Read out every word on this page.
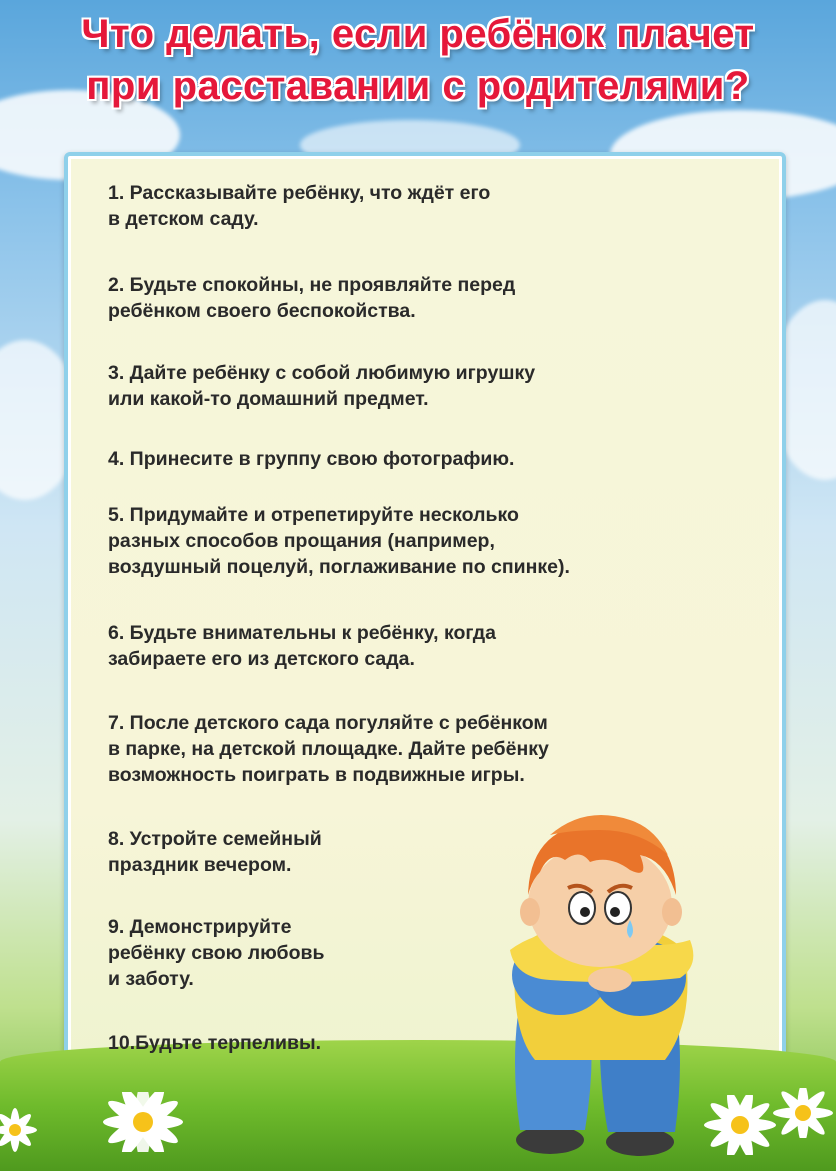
Что делать, если ребёнок плачет
при расставании с родителями?
1. Рассказывайте ребёнку, что ждёт его
в детском саду.
2. Будьте спокойны, не проявляйте перед
ребёнком своего беспокойства.
3. Дайте ребёнку с собой любимую игрушку
или какой-то домашний предмет.
4. Принесите в группу свою фотографию.
5. Придумайте и отрепетируйте несколько
разных способов прощания (например,
воздушный поцелуй, поглаживание по спинке).
6. Будьте внимательны к ребёнку, когда
забираете его из детского сада.
7. После детского сада погуляйте с ребёнком
в парке, на детской площадке. Дайте ребёнку
возможность поиграть в подвижные игры.
8. Устройте семейный
праздник вечером.
9. Демонстрируйте
ребёнку свою любовь
и заботу.
10.Будьте терпеливы.
